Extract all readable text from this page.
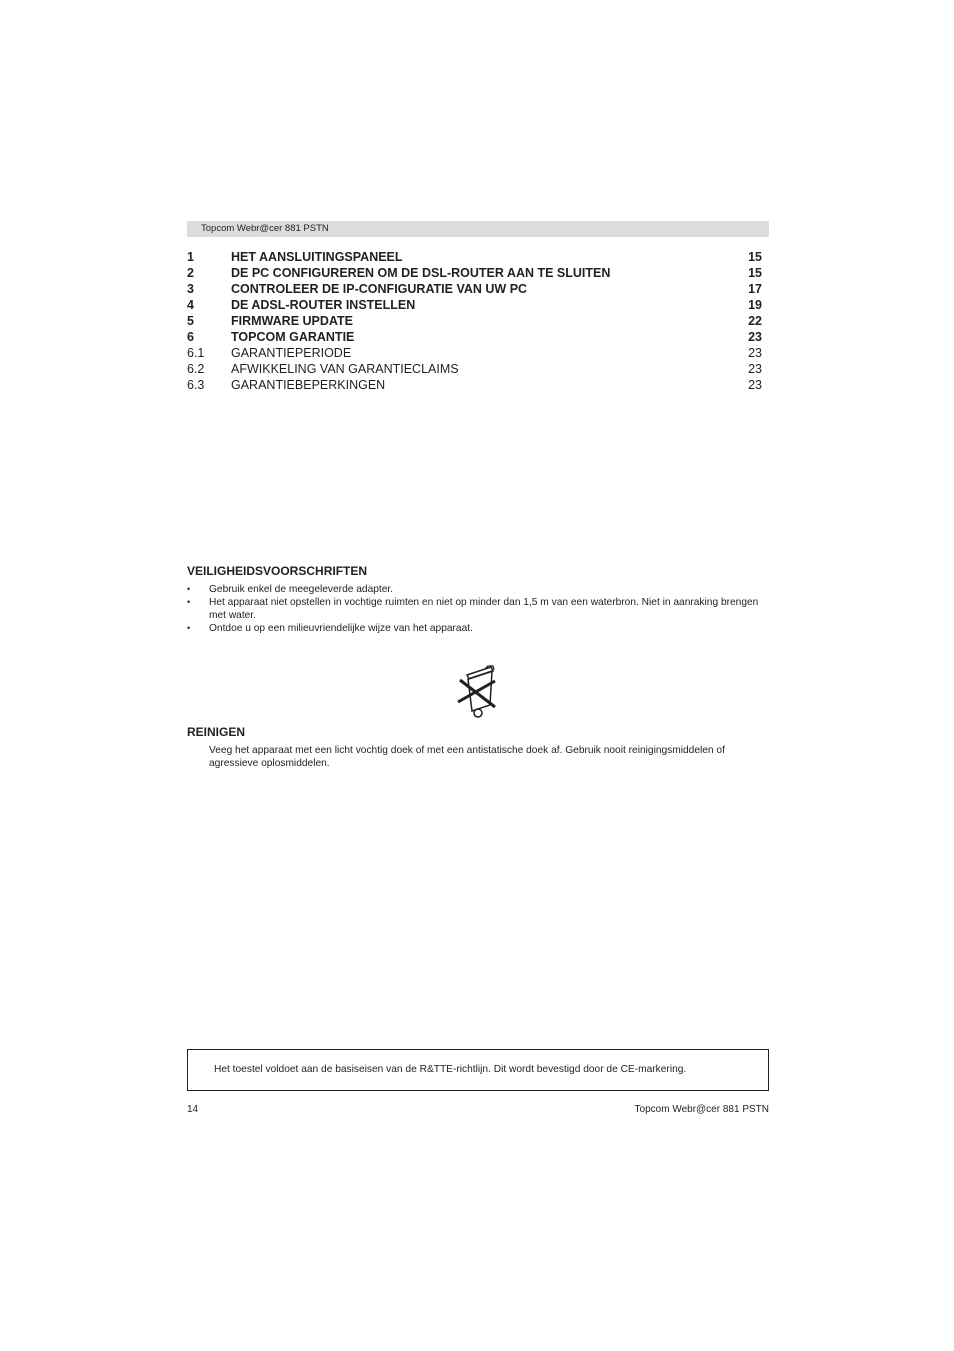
Topcom Webr@cer 881 PSTN
1	HET AANSLUITINGSPANEEL	15
2	DE PC CONFIGUREREN OM DE DSL-ROUTER AAN TE SLUITEN	15
3	CONTROLEER DE IP-CONFIGURATIE VAN UW PC	17
4	DE ADSL-ROUTER INSTELLEN	19
5	FIRMWARE UPDATE	22
6	TOPCOM GARANTIE	23
6.1 GARANTIEPERIODE	23
6.2 AFWIKKELING VAN GARANTIECLAIMS	23
6.3 GARANTIEBEPERKINGEN	23
VEILIGHEIDSVOORSCHRIFTEN
• Gebruik enkel de meegeleverde adapter.
• Het apparaat niet opstellen in vochtige ruimten en niet op minder dan 1,5 m van een waterbron. Niet in aanraking brengen met water.
• Ontdoe u op een milieuvriendelijke wijze van het apparaat.
REINIGEN
Veeg het apparaat met een licht vochtig doek of met een antistatische doek af. Gebruik nooit reinigingsmiddelen of agressieve oplosmiddelen.
Het toestel voldoet aan de basiseisen van de R&TTE-richtlijn. Dit wordt bevestigd door de CE-markering.
14	Topcom Webr@cer 881 PSTN
